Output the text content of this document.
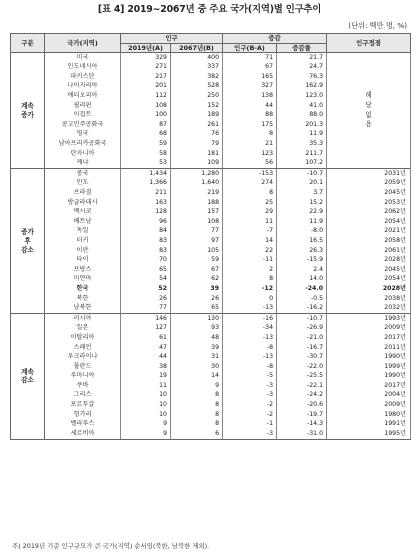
[표 4] 2019~2067년 중 주요 국가(지역)별 인구추이
(단위: 백만 명, %)
구분	국가(지역)	인구		증감		인구정점
		2019년(A)	2067년(B)	인구(B-A)	증감률	
계속
증가	미국	329	400	71	21.7	해
당
없
음
	인도네시아	271	337	67	24.7	
	파키스탄	217	382	165	76.3	
	나이지리아	201	528	327	162.9	
	에티오피아	112	250	138	123.0	
	필리핀	108	152	44	41.0	
	이집트	100	189	88	88.0	
	콩고민주공화국	87	261	175	201.3	
	영국	68	76	8	11.9	
	남아프리카공화국	59	79	21	35.3	
	탄자니아	58	181	123	211.7	
	케냐	53	109	56	107.2	
증가
후
감소	중국	1,434	1,280	-153	-10.7	2031년
	인도	1,366	1,640	274	20.1	2059년
	브라질	211	219	8	3.7	2045년
	방글라데시	163	188	25	15.2	2053년
	멕시코	128	157	29	22.9	2062년
	베트남	96	108	11	11.9	2054년
	독일	84	77	-7	-8.0	2021년
	터키	83	97	14	16.5	2058년
	이란	83	105	22	26.3	2061년
	타이	70	59	-11	-15.9	2028년
	프랑스	65	67	2	2.4	2045년
	미얀마	54	62	8	14.0	2054년
	한국	52	39	-12	-24.0	2028년
	북한	26	26	0	-0.5	2038년
	남북한	77	65	-13	-16.2	2032년
계속
감소	러시아	146	130	-16	-10.7	1993년
	일본	127	93	-34	-26.9	2009년
	이탈리아	61	48	-13	-21.0	2017년
	스페인	47	39	-8	-16.7	2011년
	우크라이나	44	31	-13	-30.7	1990년
	폴란드	38	30	-8	-22.0	1999년
	루마니아	19	14	-5	-25.5	1990년
	쿠바	11	9	-3	-22.1	2017년
	그리스	10	8	-3	-24.2	2004년
	포르투갈	10	8	-2	-20.6	2009년
	헝가리	10	8	-2	-19.7	1980년
	벨라루스	9	8	-1	-14.3	1991년
	세르비아	9	6	-3	-31.0	1995년
주) 2019년 기준 인구규모가 큰 국가(지역) 순서임(북한, 남북한 제외).
